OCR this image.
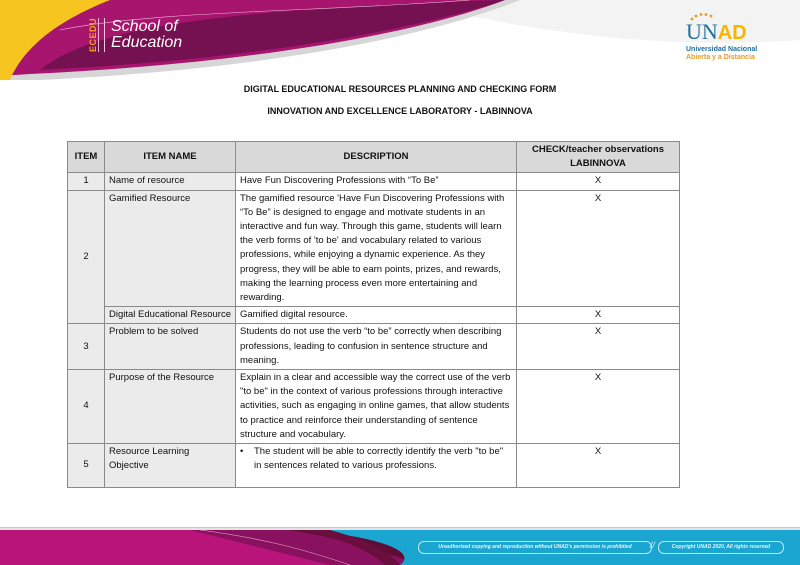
ECEDU School of
Education	UNAD
Universidad Nacional
Abierta y a Distancia
DIGITAL EDUCATIONAL RESOURCES PLANNING AND CHECKING FORM
INNOVATION AND EXCELLENCE LABORATORY - LABINNOVA
ITEM	ITEM NAME	DESCRIPTION	CHECK/teacher observations
LABINNOVA

1	Name of resource	Have Fun Discovering Professions with “To Be”	X
2	Gamified Resource	The gamified resource 'Have Fun Discovering Professions with “To Be” is designed to engage and motivate students in an interactive and fun way. Through this game, students will learn the verb forms of 'to be' and vocabulary related to various professions, while enjoying a dynamic experience. As they progress, they will be able to earn points, prizes, and rewards, making the learning process even more entertaining and rewarding.	X
	Digital Educational Resource	Gamified digital resource.	X
3	Problem to be solved	Students do not use the verb “to be” correctly when describing professions, leading to confusion in sentence structure and meaning.	X
4	Purpose of the Resource	Explain in a clear and accessible way the correct use of the verb "to be" in the context of various professions through interactive activities, such as engaging in online games, that allow students to practice and reinforce their understanding of sentence structure and vocabulary.	X
5	Resource Learning Objective	• The student will be able to correctly identify the verb "to be" in sentences related to various professions.	X
Unauthorized copying and reproduction without UNAD's permission is prohibited	//	Copyright UNAD 2020, All rights reserved
